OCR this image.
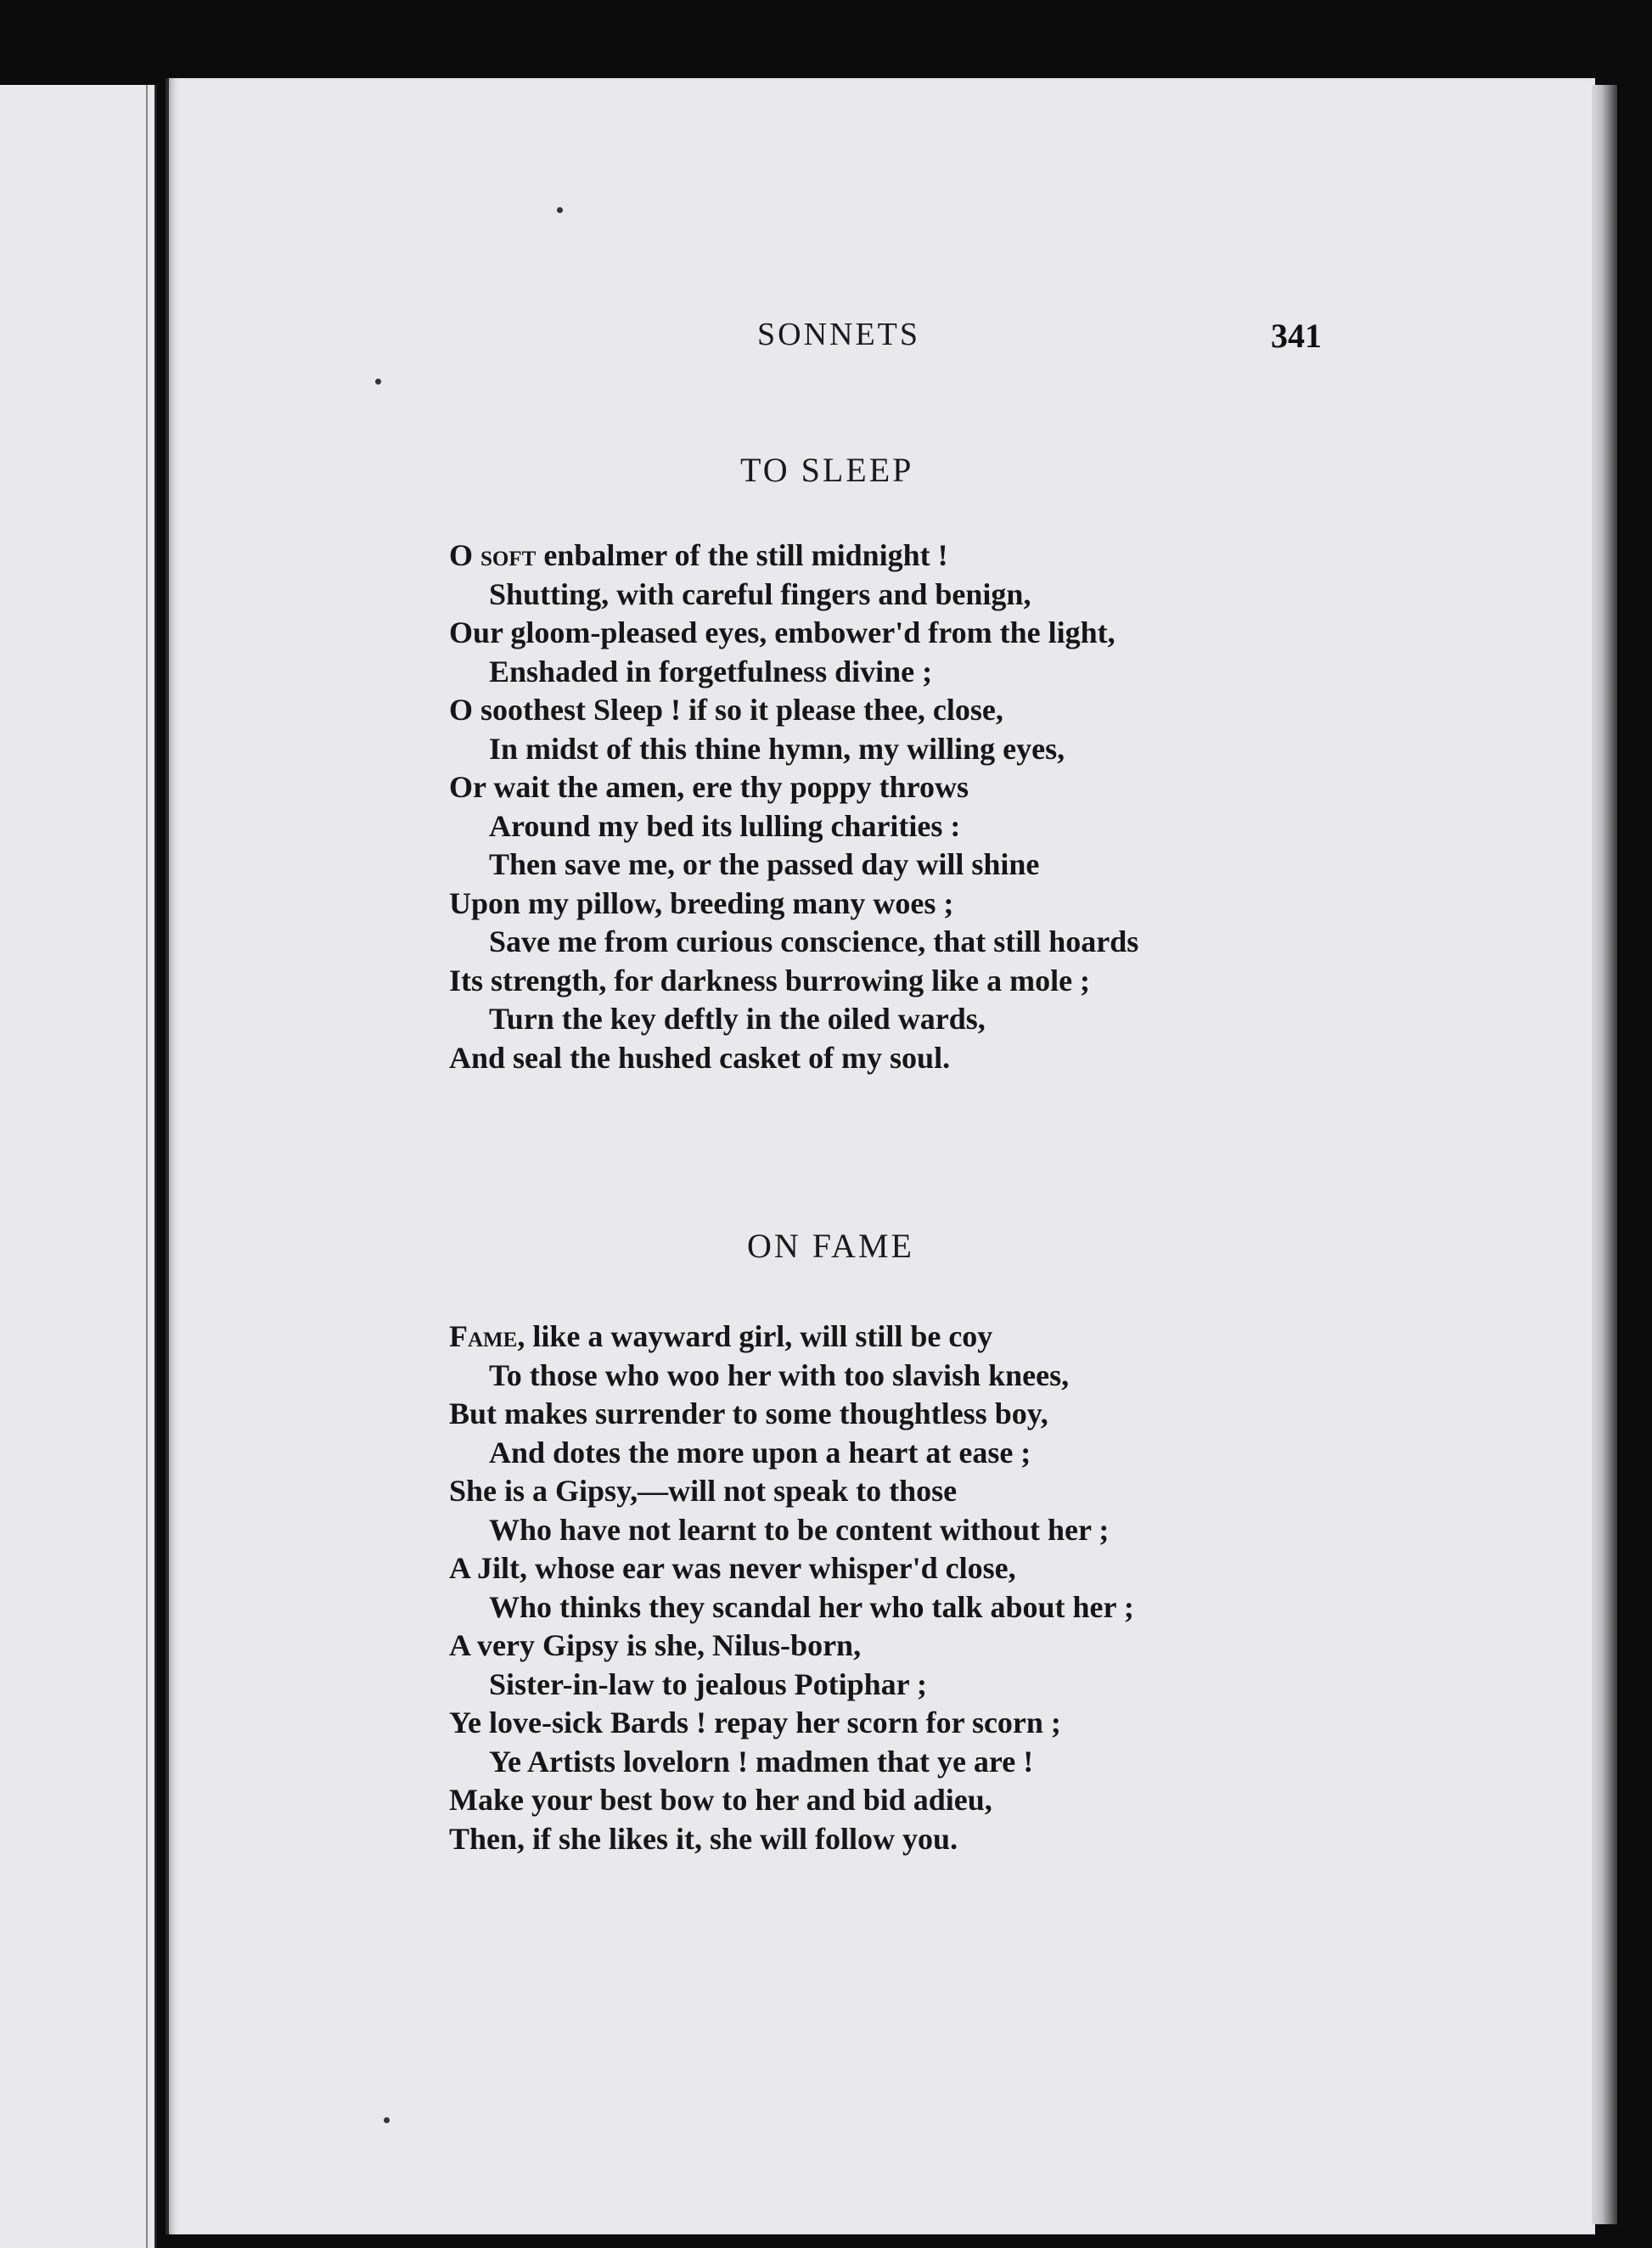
SONNETS	341
TO SLEEP
O soft enbalmer of the still midnight !
Shutting, with careful fingers and benign,
Our gloom-pleased eyes, embower'd from the light,
Enshaded in forgetfulness divine ;
O soothest Sleep ! if so it please thee, close,
In midst of this thine hymn, my willing eyes,
Or wait the amen, ere thy poppy throws
Around my bed its lulling charities :
Then save me, or the passed day will shine
Upon my pillow, breeding many woes ;
Save me from curious conscience, that still hoards
Its strength, for darkness burrowing like a mole ;
Turn the key deftly in the oiled wards,
And seal the hushed casket of my soul.
ON FAME
Fame, like a wayward girl, will still be coy
To those who woo her with too slavish knees,
But makes surrender to some thoughtless boy,
And dotes the more upon a heart at ease ;
She is a Gipsy,—will not speak to those
Who have not learnt to be content without her ;
A Jilt, whose ear was never whisper'd close,
Who thinks they scandal her who talk about her ;
A very Gipsy is she, Nilus-born,
Sister-in-law to jealous Potiphar ;
Ye love-sick Bards ! repay her scorn for scorn ;
Ye Artists lovelorn ! madmen that ye are !
Make your best bow to her and bid adieu,
Then, if she likes it, she will follow you.
